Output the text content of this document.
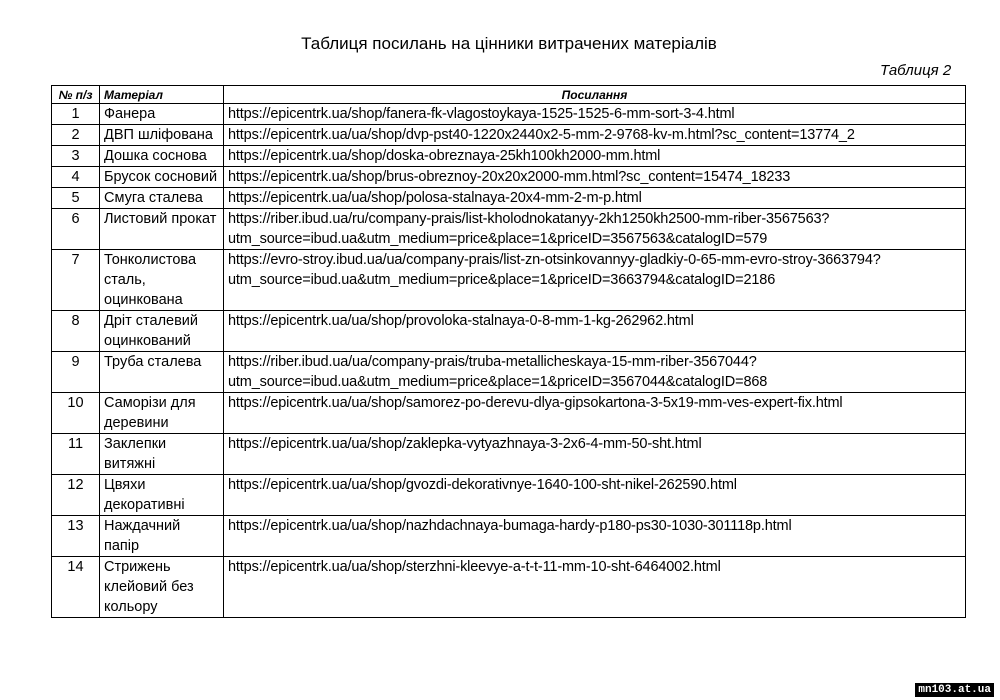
Таблиця посилань на цінники витрачених матеріалів
Таблиця 2
№ п/з	Матеріал	Посилання
1	Фанера	https://epicentrk.ua/shop/fanera-fk-vlagostoykaya-1525-1525-6-mm-sort-3-4.html
2	ДВП шліфована	https://epicentrk.ua/ua/shop/dvp-pst40-1220x2440x2-5-mm-2-9768-kv-m.html?sc_content=13774_2
3	Дошка соснова	https://epicentrk.ua/shop/doska-obreznaya-25kh100kh2000-mm.html
4	Брусок сосновий	https://epicentrk.ua/shop/brus-obreznoy-20x20x2000-mm.html?sc_content=15474_18233
5	Смуга сталева	https://epicentrk.ua/ua/shop/polosa-stalnaya-20x4-mm-2-m-p.html
6	Листовий прокат	https://riber.ibud.ua/ru/company-prais/list-kholodnokatanyy-2kh1250kh2500-mm-riber-3567563?utm_source=ibud.ua&utm_medium=price&place=1&priceID=3567563&catalogID=579
7	Тонколистова сталь, оцинкована	https://evro-stroy.ibud.ua/ua/company-prais/list-zn-otsinkovannyy-gladkiy-0-65-mm-evro-stroy-3663794?utm_source=ibud.ua&utm_medium=price&place=1&priceID=3663794&catalogID=2186
8	Дріт сталевий оцинкований	https://epicentrk.ua/ua/shop/provoloka-stalnaya-0-8-mm-1-kg-262962.html
9	Труба сталева	https://riber.ibud.ua/ua/company-prais/truba-metallicheskaya-15-mm-riber-3567044?utm_source=ibud.ua&utm_medium=price&place=1&priceID=3567044&catalogID=868
10	Саморізи для деревини	https://epicentrk.ua/ua/shop/samorez-po-derevu-dlya-gipsokartona-3-5x19-mm-ves-expert-fix.html
11	Заклепки витяжні	https://epicentrk.ua/ua/shop/zaklepka-vytyazhnaya-3-2x6-4-mm-50-sht.html
12	Цвяхи декоративні	https://epicentrk.ua/ua/shop/gvozdi-dekorativnye-1640-100-sht-nikel-262590.html
13	Наждачний папір	https://epicentrk.ua/ua/shop/nazhdachnaya-bumaga-hardy-p180-ps30-1030-301118p.html
14	Стрижень клейовий без кольору	https://epicentrk.ua/ua/shop/sterzhni-kleevye-a-t-t-11-mm-10-sht-6464002.html
mn103.at.ua
